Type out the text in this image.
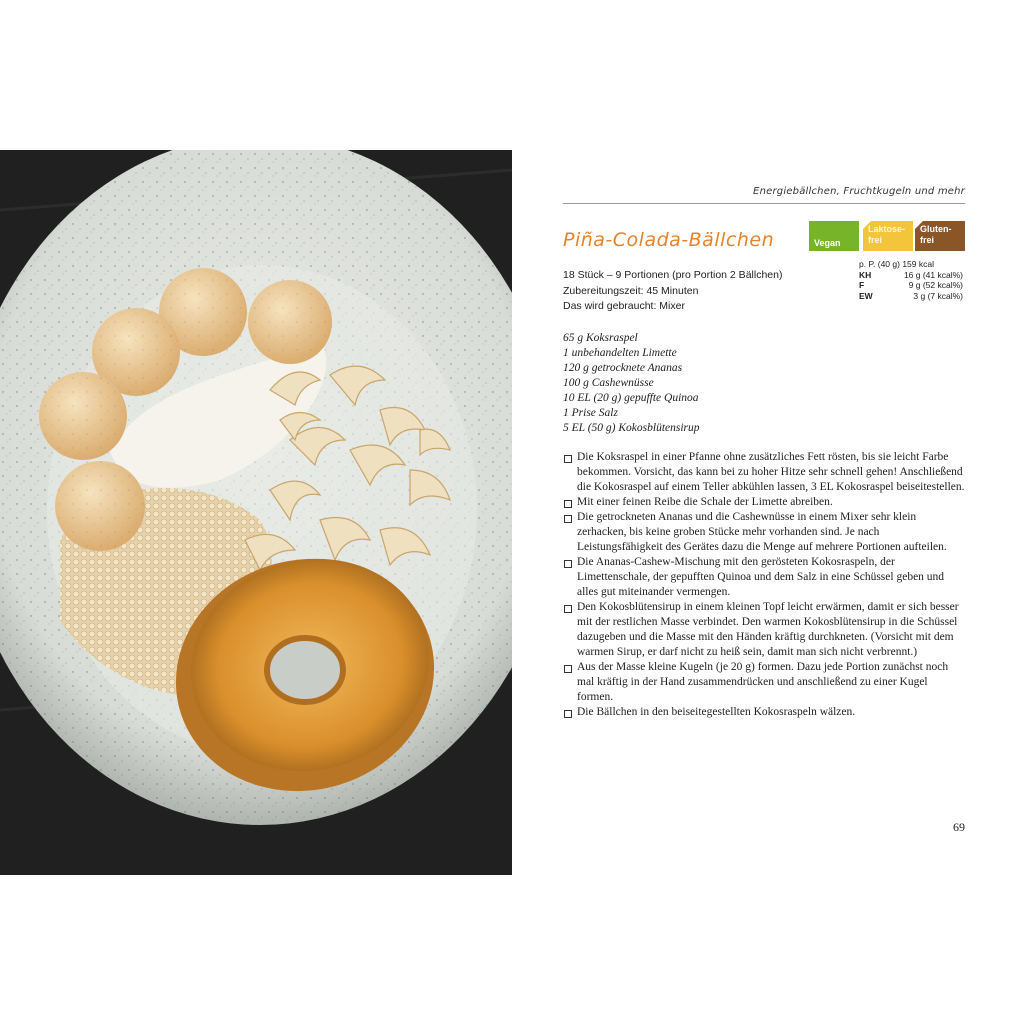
Energiebällchen, Fruchtkugeln und mehr
Piña-Colada-Bällchen	Vegan
Laktose-
frei
Gluten-
frei
p. P. (40 g) 159 kcal
KH	16 g (41 kcal%)
F	9 g (52 kcal%)
EW	3 g (7 kcal%)
18 Stück – 9 Portionen (pro Portion 2 Bällchen)
Zubereitungszeit: 45 Minuten
Das wird gebraucht: Mixer
65 g Koksraspel
1 unbehandelten Limette
120 g getrocknete Ananas
100 g Cashewnüsse
10 EL (20 g) gepuffte Quinoa
1 Prise Salz
5 EL (50 g) Kokosblütensirup
Die Koksraspel in einer Pfanne ohne zusätzliches Fett rösten, bis sie leicht Farbe bekommen. Vorsicht, das kann bei zu hoher Hitze sehr schnell gehen! Anschließend die Kokosraspel auf einem Teller abkühlen lassen, 3 EL Kokosraspel beiseitestellen.
Mit einer feinen Reibe die Schale der Limette abreiben.
Die getrockneten Ananas und die Cashewnüsse in einem Mixer sehr klein zerhacken, bis keine groben Stücke mehr vorhanden sind. Je nach Leistungsfähigkeit des Gerätes dazu die Menge auf mehrere Portionen aufteilen.
Die Ananas-Cashew-Mischung mit den gerösteten Kokosraspeln, der Limettenschale, der gepufften Quinoa und dem Salz in eine Schüssel geben und alles gut miteinander vermengen.
Den Kokosblütensirup in einem kleinen Topf leicht erwärmen, damit er sich besser mit der restlichen Masse verbindet. Den warmen Kokosblütensirup in die Schüssel dazugeben und die Masse mit den Händen kräftig durchkneten. (Vorsicht mit dem warmen Sirup, er darf nicht zu heiß sein, damit man sich nicht verbrennt.)
Aus der Masse kleine Kugeln (je 20 g) formen. Dazu jede Portion zunächst noch mal kräftig in der Hand zusammendrücken und anschließend zu einer Kugel formen.
Die Bällchen in den beiseitegestellten Kokosraspeln wälzen.
69
